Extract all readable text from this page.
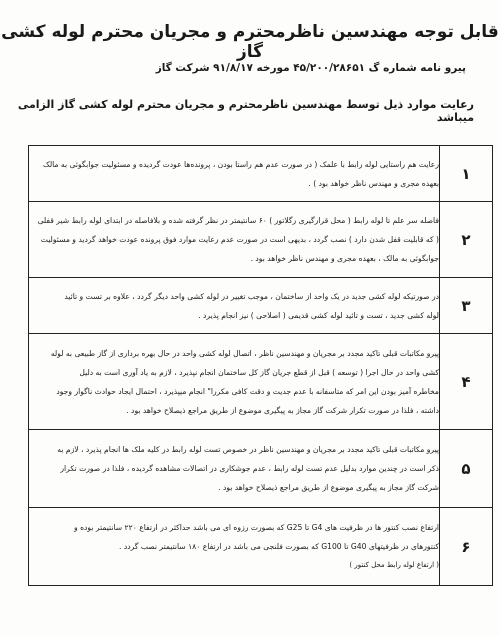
قابل توجه مهندسین ناظرمحترم و مجریان محترم لوله کشی گاز
پیرو نامه شماره گ ۴۵/۲۰۰/۲۸۶۵۱ مورخه ۹۱/۸/۱۷ شرکت گاز
رعایت موارد ذیل توسط مهندسین ناظرمحترم و مجریان محترم لوله کشی گاز الزامی میباشد
۱	رعایت هم راستایی لوله رابط با علمک ( در صورت عدم هم راستا بودن ، پرونده‌ها عودت گردیده و مسئولیت جوابگوئی به مالک
بعهده مجری و مهندس ناظر خواهد بود ) .

۲	فاصله سر علم تا لوله رابط ( محل قرارگیری رگلاتور ) ۶۰ سانتیمتر در نظر گرفته شده و بلافاصله در ابتدای لوله رابط شیر قفلی
( که قابلیت قفل شدن دارد ) نصب گردد ، بدیهی است در صورت عدم رعایت موارد فوق پرونده عودت خواهد گردید و مسئولیت
جوابگوئی به مالک ، بعهده مجری و مهندس ناظر خواهد بود .

۳	در صورتیکه لوله کشی جدید در یک واحد از ساختمان ، موجب تغییر در لوله کشی واحد دیگر گردد ، علاوه بر تست و تائید
لوله کشی جدید ، تست و تائید لوله کشی قدیمی ( اصلاحی ) نیز انجام پذیرد .

۴	پیرو مکاتبات قبلی تاکید مجدد بر مجریان و مهندسین ناظر ، اتصال لوله کشی واحد در حال بهره برداری از گاز طبیعی به لوله
کشی واحد در حال اجرا ( توسعه ) قبل از قطع جریان گاز کل ساختمان انجام نپذیرد ، لازم به یاد آوری است به دلیل
مخاطره آمیز بودن این امر که متاسفانه با عدم جدیت و دقت کافی مکررا" انجام میپذیرد ، احتمال ایجاد حوادث ناگوار وجود
داشته ، فلذا در صورت تکرار شرکت گاز مجاز به پیگیری موضوع از طریق مراجع ذیصلاح خواهد بود .

۵	پیرو مکاتبات قبلی تاکید مجدد بر مجریان و مهندسین ناظر در خصوص تست لوله رابط در کلیه ملک ها انجام پذیرد ، لازم به
ذکر است در چندین موارد بدلیل عدم تست لوله رابط ، عدم جوشکاری در اتصالات مشاهده گردیده ، فلذا در صورت تکرار
شرکت گاز مجاز به پیگیری موضوع از طریق مراجع ذیصلاح خواهد بود .

۶	ارتفاع نصب کنتور ها در ظرفیت های G4 تا G25 که بصورت رزوه ای می باشد حداکثر در ارتفاع ۲۲۰ سانتیمتر بوده و
کنتورهای در ظرفیتهای G40 تا G100 که بصورت فلنجی می باشد در ارتفاع ۱۸۰ سانتیمتر نصب گردد .
( ارتفاع لوله رابط محل کنتور )
